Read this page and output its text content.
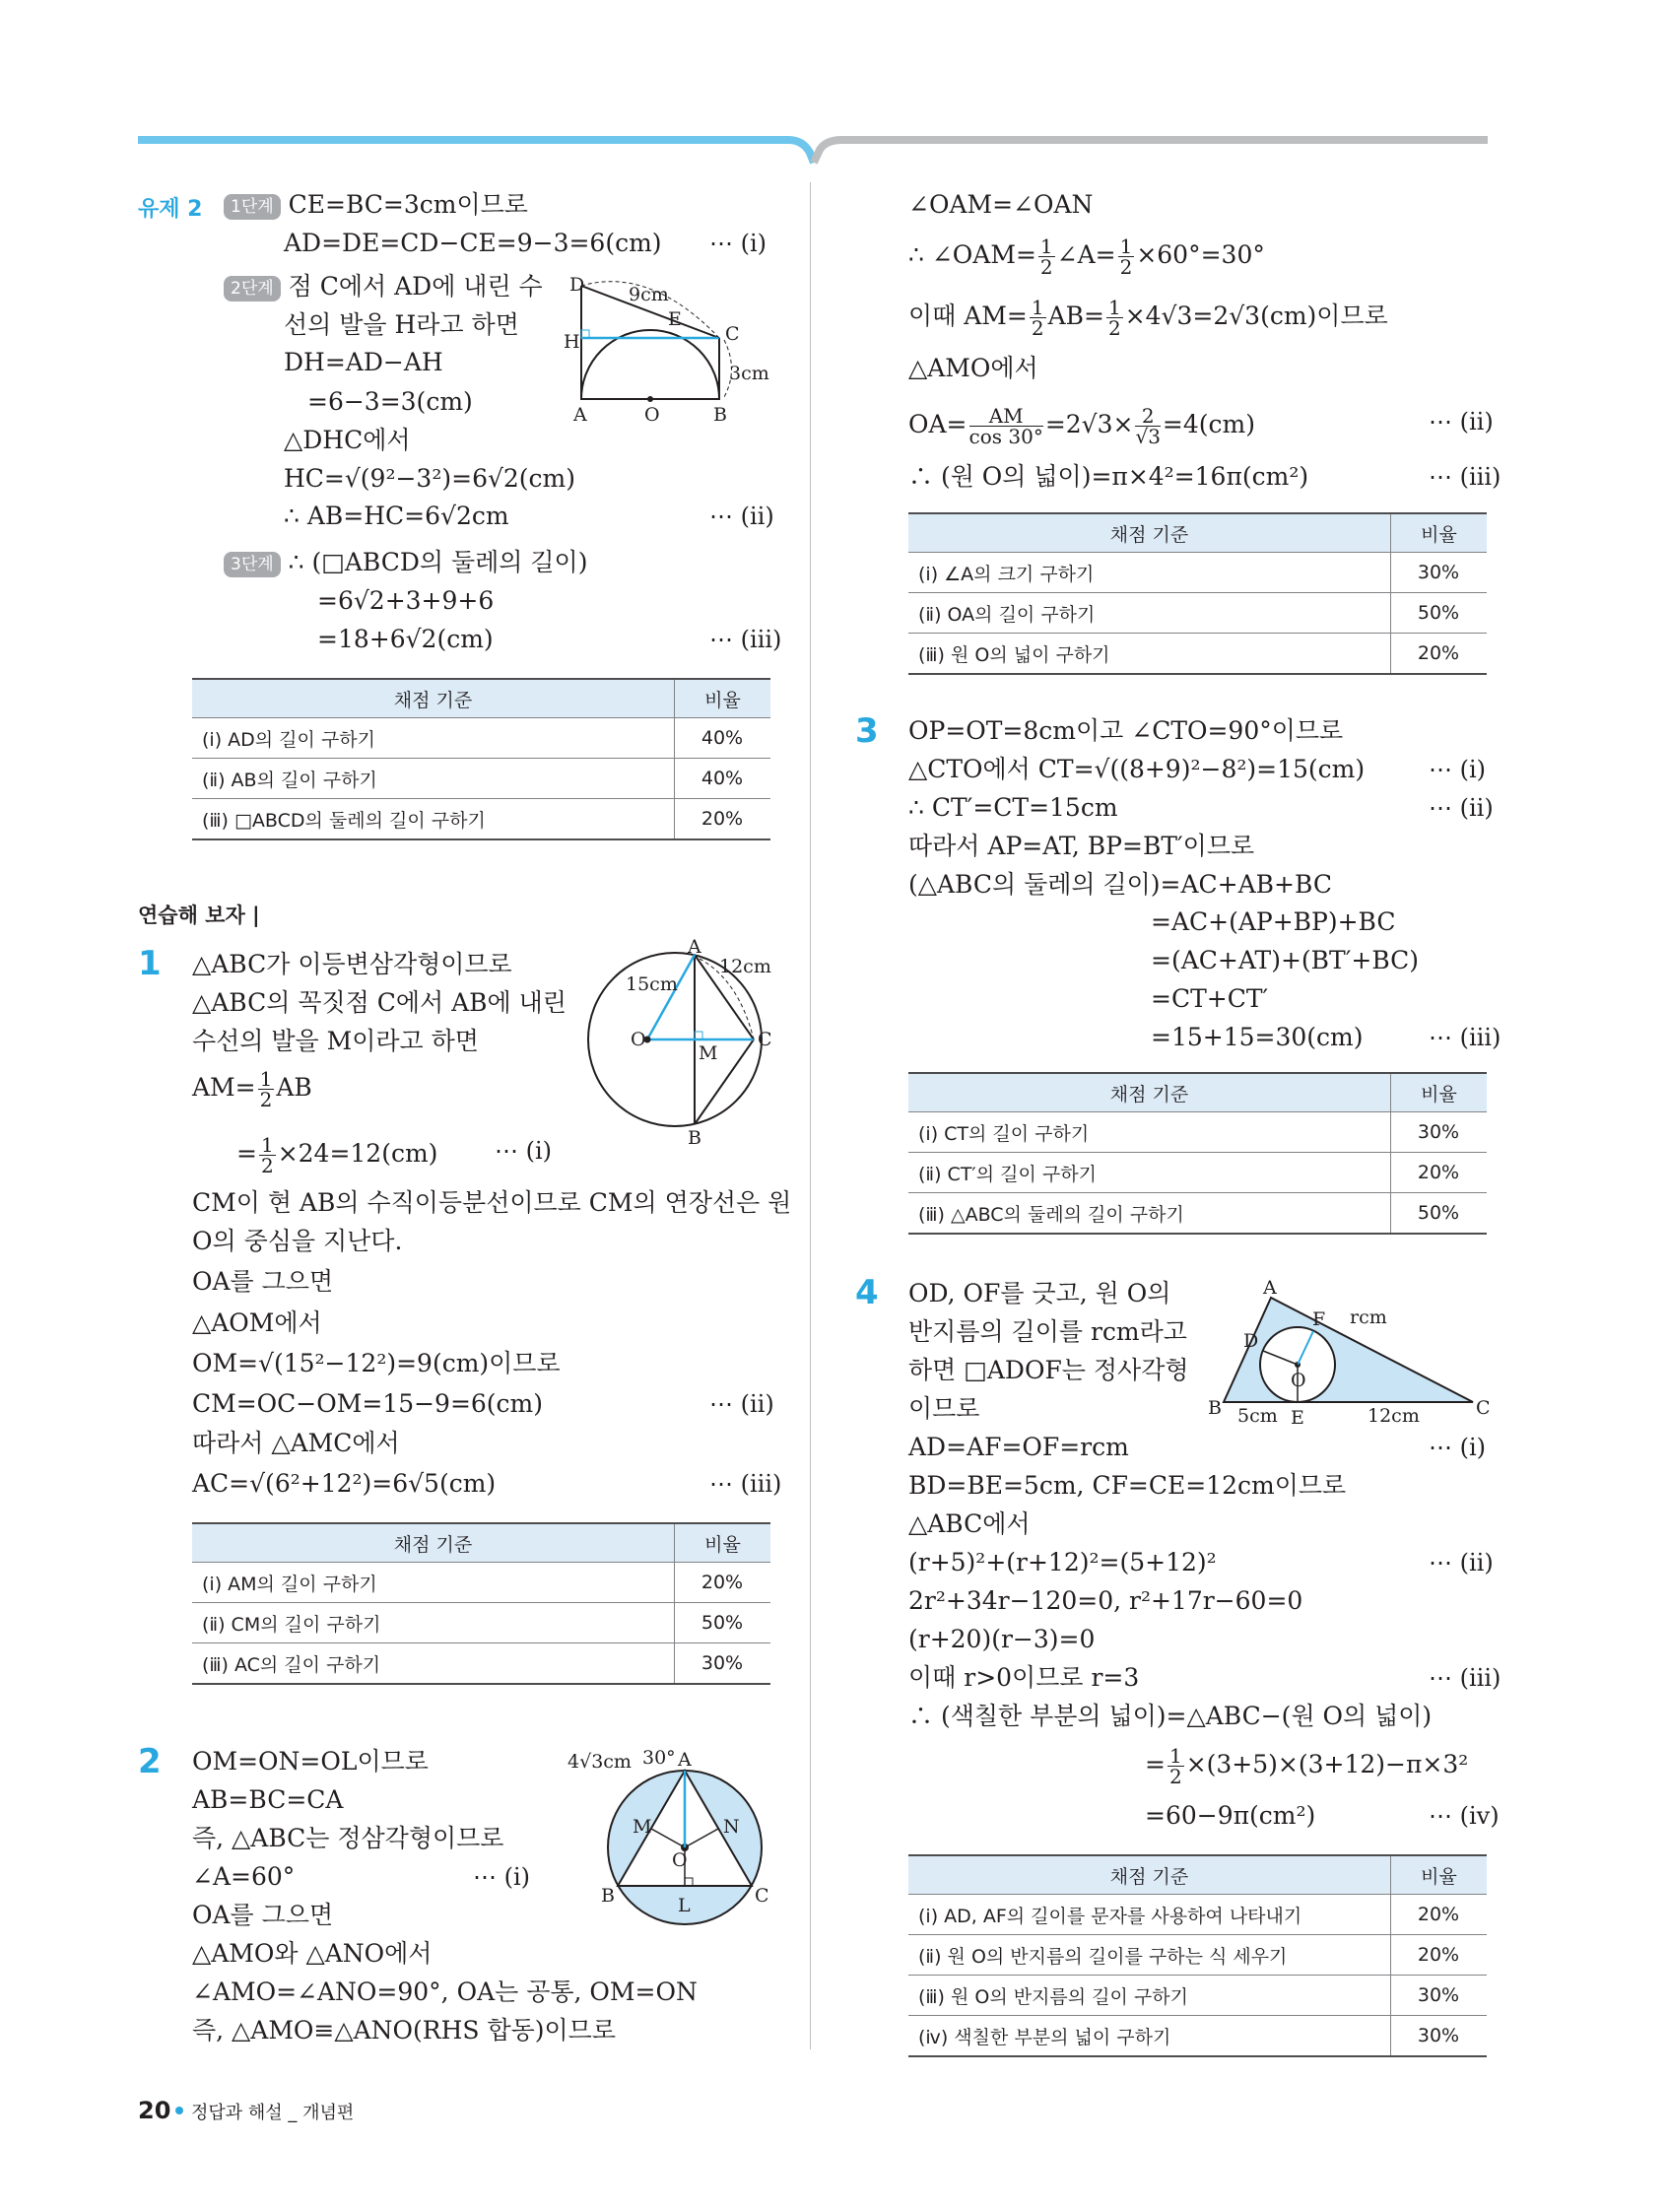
유제 2	1단계 CE=BC=3cm이므로
AD=DE=CD−CE=9−3=6(cm) ⋯ (ⅰ)
2단계 점 C에서 AD에 내린 수
선의 발을 H라고 하면
DH=AD−AH
=6−3=3(cm)
△DHC에서
HC=√(9²−3²)=6√2(cm)
∴ AB=HC=6√2cm	⋯ (ⅱ)
D
E
C
H
A	O	B
9cm
3cm
3단계 ∴ (□ABCD의 둘레의 길이)
=6√2+3+9+6
=18+6√2(cm)	⋯ (ⅲ)
채점 기준	비율
(ⅰ) AD의 길이 구하기	40%
(ⅱ) AB의 길이 구하기	40%
(ⅲ) □ABCD의 둘레의 길이 구하기	20%
연습해 보자 |
1 △ABC가 이등변삼각형이므로
△ABC의 꼭짓점 C에서 AB에 내린
수선의 발을 M이라고 하면
$AM= \frac{1}{2}$ AB
= $\frac{1}{2} \times 24=12(cm)$ ⋯ (ⅰ)
CM이 현 AB의 수직이등분선이므로 CM의 연장선은 원
O의 중심을 지난다.
OA를 그으면
△AOM에서
OM=√(15²−12²)=9(cm)이므로
CM=OC−OM=15−9=6(cm)	⋯ (ⅱ)
따라서 △AMC에서
AC=√(6²+12²)=6√5(cm)	⋯ (ⅲ)
A
B
C
O
M
12cm
15cm
채점 기준	비율
(ⅰ) AM의 길이 구하기	20%
(ⅱ) CM의 길이 구하기	50%
(ⅲ) AC의 길이 구하기	30%
2 OM=ON=OL이므로
AB=BC=CA
즉, △ABC는 정삼각형이므로
∠A=60°	⋯ (ⅰ)
OA를 그으면
△AMO와 △ANO에서
∠AMO=∠ANO=90°, OA는 공통, OM=ON
즉, △AMO≡△ANO(RHS 합동)이므로
A
B	C
O
M	N
L
4√3cm 30°
20 정답과 해설 _ 개념편
∠OAM=∠OAN
∴ ∠OAM= $\frac{1}{2}$ ∠A= $\frac{1}{2} \times 60^\circ=30^\circ$
이때 $AM= \frac{1}{2} AB= \frac{1}{2} \times 4√3=2√3(cm)$이므로
△AMO에서
$OA= \frac{AM}{\cos 30^\circ} =2√3\times \frac{2}{√3} =4(cm)$	⋯ (ⅱ)
∴ (원 O의 넓이)=π×4²=16π(cm²)	⋯ (ⅲ)
채점 기준	비율
(ⅰ) ∠A의 크기 구하기	30%
(ⅱ) OA의 길이 구하기	50%
(ⅲ) 원 O의 넓이 구하기	20%
3 OP=OT=8cm이고 ∠CTO=90°이므로
△CTO에서 CT=√((8+9)²−8²)=15(cm)	⋯ (ⅰ)
∴ CT′=CT=15cm	⋯ (ⅱ)
따라서 AP=AT, BP=BT′이므로
(△ABC의 둘레의 길이)=AC+AB+BC
=AC+(AP+BP)+BC
=(AC+AT)+(BT′+BC)
=CT+CT′
=15+15=30(cm)	⋯ (ⅲ)
채점 기준	비율
(ⅰ) CT의 길이 구하기	30%
(ⅱ) CT′의 길이 구하기	20%
(ⅲ) △ABC의 둘레의 길이 구하기	50%
4 OD, OF를 긋고, 원 O의
반지름의 길이를 rcm라고
하면 □ADOF는 정사각형
이므로
AD=AF=OF=rcm	⋯ (ⅰ)
BD=BE=5cm, CF=CE=12cm이므로
△ABC에서
(r+5)²+(r+12)²=(5+12)²	⋯ (ⅱ)
2r²+34r−120=0, r²+17r−60=0
(r+20)(r−3)=0
이때 r>0이므로 r=3	⋯ (ⅲ)
∴ (색칠한 부분의 넓이)=△ABC−(원 O의 넓이)
= $\frac{1}{2} \times(3+5)\times(3+12)-\pi\times 3^2$
=60−9π(cm²)	⋯ (ⅳ)
A
B	C
D
E
F
O
rcm
5cm	12cm
채점 기준	비율
(ⅰ) AD, AF의 길이를 문자를 사용하여 나타내기	20%
(ⅱ) 원 O의 반지름의 길이를 구하는 식 세우기	20%
(ⅲ) 원 O의 반지름의 길이 구하기	30%
(ⅳ) 색칠한 부분의 넓이 구하기	30%
